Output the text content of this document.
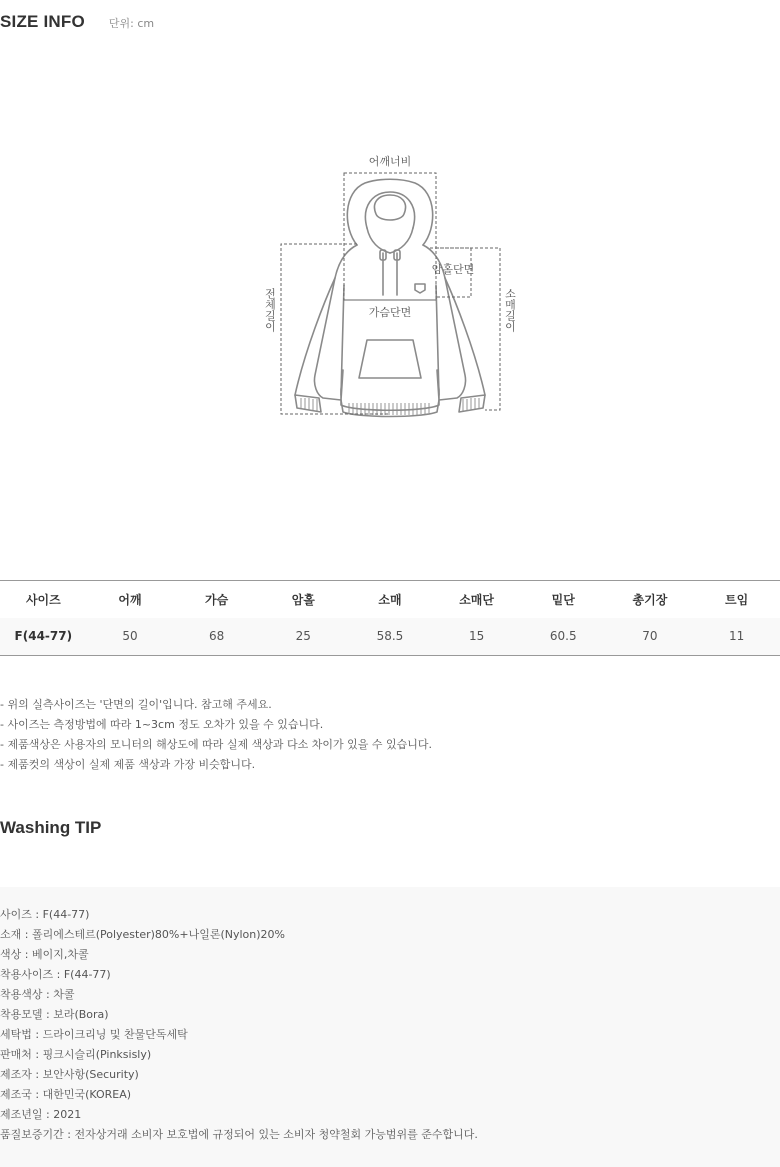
SIZE INFO 단위: cm
어깨너비
암홀단면
가슴단면
전체길이	소매길이
사이즈	어깨	가슴	암홀	소매	소매단	밑단	총기장	트임
F(44-77)	50	68	25	58.5	15	60.5	70	11

- 위의 실측사이즈는 '단면의 길이'입니다. 참고해 주세요.

- 사이즈는 측정방법에 따라 1~3cm 정도 오차가 있을 수 있습니다.

- 제품색상은 사용자의 모니터의 해상도에 따라 실제 색상과 다소 차이가 있을 수 있습니다.

- 제품컷의 색상이 실제 제품 색상과 가장 비슷합니다.

Washing TIP

사이즈 : F(44-77)

소재 : 폴리에스테르(Polyester)80%+나일론(Nylon)20%

색상 : 베이지,차콜

착용사이즈 : F(44-77)

착용색상 : 차콜

착용모델 : 보라(Bora)

세탁법 : 드라이크리닝 및 찬물단독세탁

판매처 : 핑크시슬리(Pinksisly)

제조자 : 보안사항(Security)

제조국 : 대한민국(KOREA)

제조년일 : 2021

품질보증기간 : 전자상거래 소비자 보호법에 규정되어 있는 소비자 청약철회 가능범위를 준수합니다.
